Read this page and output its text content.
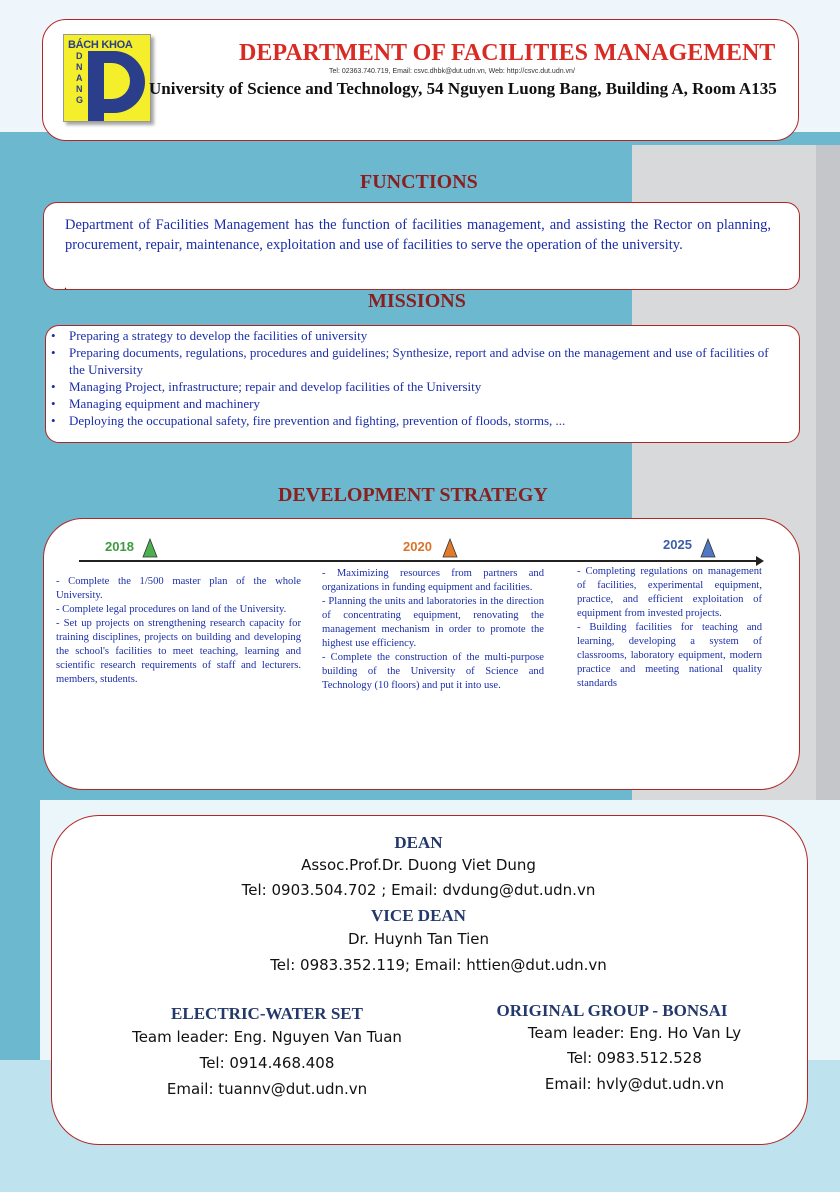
BÁCH KHOA
D
N
A
N
G
DEPARTMENT OF FACILITIES MANAGEMENT
Tel: 02363.740.719, Email: csvc.dhbk@dut.udn.vn, Web: http://csvc.dut.udn.vn/
University of Science and Technology, 54 Nguyen Luong Bang, Building A, Room A135
FUNCTIONS
Department of Facilities Management has the function of facilities management, and assisting the Rector on planning, procurement, repair, maintenance, exploitation and use of facilities to serve the operation of the university.
.
MISSIONS
• Preparing a strategy to develop the facilities of university
• Preparing documents, regulations, procedures and guidelines; Synthesize, report and advise on the management and use of facilities of the University
• Managing Project, infrastructure; repair and develop facilities of the University
• Managing equipment and machinery
• Deploying the occupational safety, fire prevention and fighting, prevention of floods, storms, ...
DEVELOPMENT STRATEGY
2018	2020	2025

- Complete the 1/500 master plan of the whole University.

- Complete legal procedures on land of the University.

- Set up projects on strengthening research capacity for training disciplines, projects on building and developing the school's facilities to meet teaching, learning and scientific research requirements of staff and lecturers. members, students.

- Maximizing resources from partners and organizations in funding equipment and facilities.

- Planning the units and laboratories in the direction of concentrating equipment, renovating the management mechanism in order to promote the highest use efficiency.

- Complete the construction of the multi-purpose building of the University of Science and Technology (10 floors) and put it into use.

- Completing regulations on management of facilities, experimental equipment, practice, and efficient exploitation of equipment from invested projects.

- Building facilities for teaching and learning, developing a system of classrooms, laboratory equipment, modern practice and meeting national quality standards

DEAN
Assoc.Prof.Dr. Duong Viet Dung
Tel: 0903.504.702 ; Email: dvdung@dut.udn.vn
VICE DEAN
Dr. Huynh Tan Tien
Tel: 0983.352.119; Email: httien@dut.udn.vn
ELECTRIC-WATER SET
Team leader: Eng. Nguyen Van Tuan
Tel: 0914.468.408
Email: tuannv@dut.udn.vn
ORIGINAL GROUP - BONSAI
Team leader: Eng. Ho Van Ly
Tel: 0983.512.528
Email: hvly@dut.udn.vn
